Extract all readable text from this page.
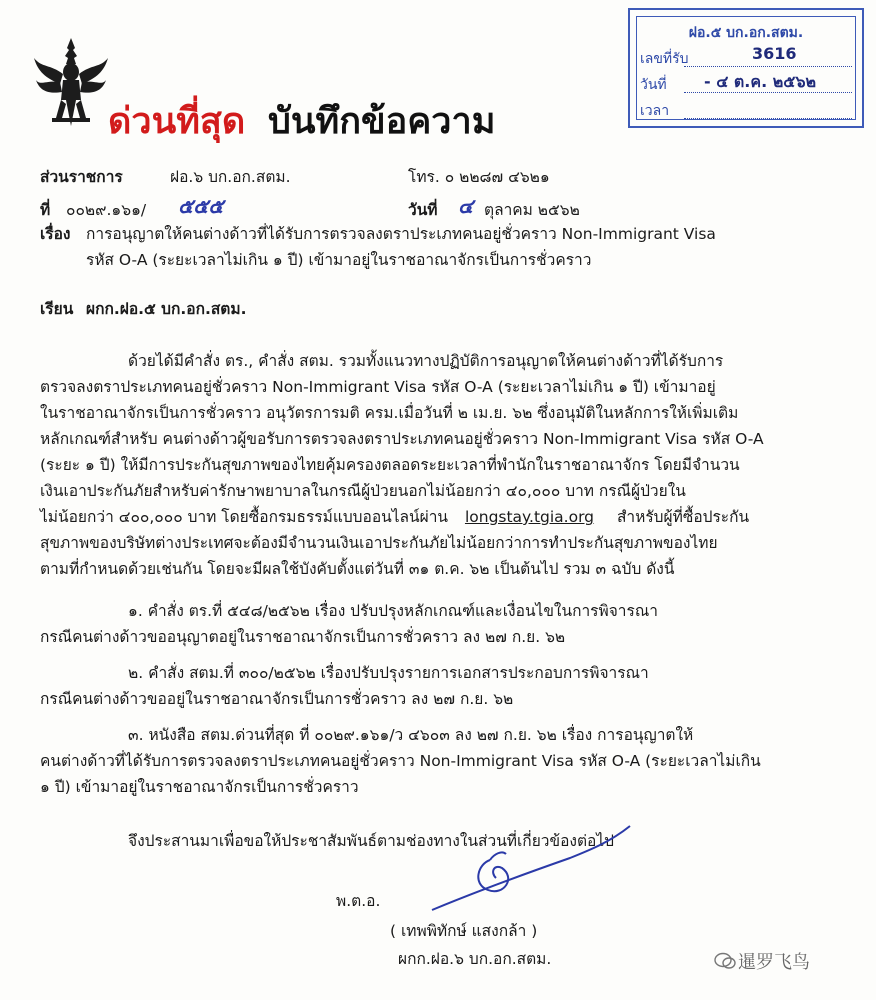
ฝอ.๕ บก.อก.สตม.
เลขที่รับ	3616
วันที่ - ๔ ต.ค. ๒๕๖๒
เวลา
ด่วนที่สุด บันทึกข้อความ
ส่วนราชการ	ฝอ.๖ บก.อก.สตม.	โทร. ๐ ๒๒๘๗ ๔๖๒๑
ที่ ๐๐๒๙.๑๖๑/ ๕๕๕	วันที่ ๔ ตุลาคม ๒๕๖๒
เรื่อง การอนุญาตให้คนต่างด้าวที่ได้รับการตรวจลงตราประเภทคนอยู่ชั่วคราว Non-Immigrant Visa
รหัส O-A (ระยะเวลาไม่เกิน ๑ ปี) เข้ามาอยู่ในราชอาณาจักรเป็นการชั่วคราว
เรียน ผกก.ฝอ.๕ บก.อก.สตม.
ด้วยได้มีคำสั่ง ตร., คำสั่ง สตม. รวมทั้งแนวทางปฏิบัติการอนุญาตให้คนต่างด้าวที่ได้รับการ
ตรวจลงตราประเภทคนอยู่ชั่วคราว Non-Immigrant Visa รหัส O-A (ระยะเวลาไม่เกิน ๑ ปี) เข้ามาอยู่
ในราชอาณาจักรเป็นการชั่วคราว อนุวัตรการมติ ครม.เมื่อวันที่ ๒ เม.ย. ๖๒ ซึ่งอนุมัติในหลักการให้เพิ่มเติม
หลักเกณฑ์สำหรับ คนต่างด้าวผู้ขอรับการตรวจลงตราประเภทคนอยู่ชั่วคราว Non-Immigrant Visa รหัส O-A
(ระยะ ๑ ปี) ให้มีการประกันสุขภาพของไทยคุ้มครองตลอดระยะเวลาที่พำนักในราชอาณาจักร โดยมีจำนวน
เงินเอาประกันภัยสำหรับค่ารักษาพยาบาลในกรณีผู้ป่วยนอกไม่น้อยกว่า ๔๐,๐๐๐ บาท กรณีผู้ป่วยใน
ไม่น้อยกว่า ๔๐๐,๐๐๐ บาท โดยซื้อกรมธรรม์แบบออนไลน์ผ่าน longstay.tgia.org สำหรับผู้ที่ซื้อประกัน
สุขภาพของบริษัทต่างประเทศจะต้องมีจำนวนเงินเอาประกันภัยไม่น้อยกว่าการทำประกันสุขภาพของไทย
ตามที่กำหนดด้วยเช่นกัน โดยจะมีผลใช้บังคับตั้งแต่วันที่ ๓๑ ต.ค. ๖๒ เป็นต้นไป รวม ๓ ฉบับ ดังนี้
๑. คำสั่ง ตร.ที่ ๕๔๘/๒๕๖๒ เรื่อง ปรับปรุงหลักเกณฑ์และเงื่อนไขในการพิจารณา
กรณีคนต่างด้าวขออนุญาตอยู่ในราชอาณาจักรเป็นการชั่วคราว ลง ๒๗ ก.ย. ๖๒
๒. คำสั่ง สตม.ที่ ๓๐๐/๒๕๖๒ เรื่องปรับปรุงรายการเอกสารประกอบการพิจารณา
กรณีคนต่างด้าวขออยู่ในราชอาณาจักรเป็นการชั่วคราว ลง ๒๗ ก.ย. ๖๒
๓. หนังสือ สตม.ด่วนที่สุด ที่ ๐๐๒๙.๑๖๑/ว ๔๖๐๓ ลง ๒๗ ก.ย. ๖๒ เรื่อง การอนุญาตให้
คนต่างด้าวที่ได้รับการตรวจลงตราประเภทคนอยู่ชั่วคราว Non-Immigrant Visa รหัส O-A (ระยะเวลาไม่เกิน
๑ ปี) เข้ามาอยู่ในราชอาณาจักรเป็นการชั่วคราว
จึงประสานมาเพื่อขอให้ประชาสัมพันธ์ตามช่องทางในส่วนที่เกี่ยวข้องต่อไป
พ.ต.อ.
( เทพพิทักษ์ แสงกล้า )
ผกก.ฝอ.๖ บก.อก.สตม.	暹罗飞鸟
